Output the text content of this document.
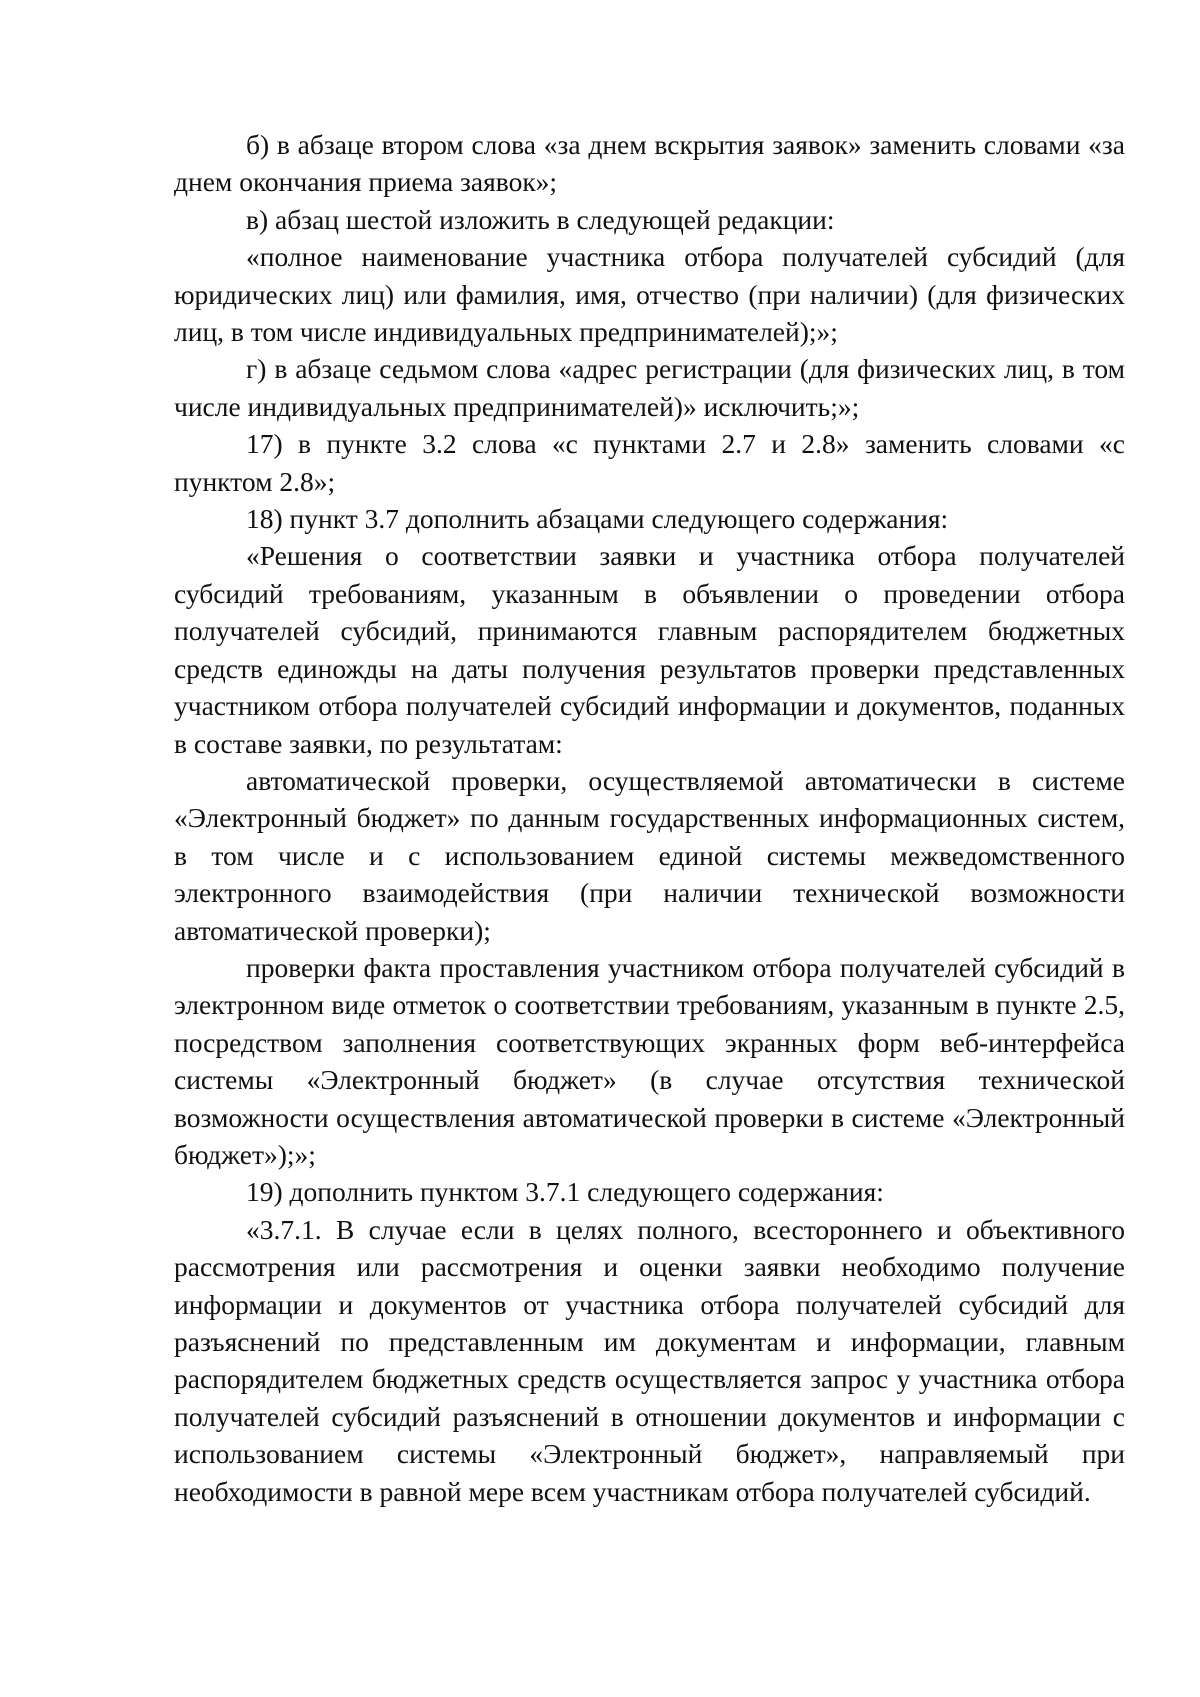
б) в абзаце втором слова «за днем вскрытия заявок» заменить словами «за днем окончания приема заявок»;

в) абзац шестой изложить в следующей редакции:

«полное наименование участника отбора получателей субсидий (для юридических лиц) или фамилия, имя, отчество (при наличии) (для физических лиц, в том числе индивидуальных предпринимателей);»;

г) в абзаце седьмом слова «адрес регистрации (для физических лиц, в том числе индивидуальных предпринимателей)» исключить;»;

17) в пункте 3.2 слова «с пунктами 2.7 и 2.8» заменить словами «с пунктом 2.8»;

18) пункт 3.7 дополнить абзацами следующего содержания:

«Решения о соответствии заявки и участника отбора получателей субсидий требованиям, указанным в объявлении о проведении отбора получателей субсидий, принимаются главным распорядителем бюджетных средств единожды на даты получения результатов проверки представленных участником отбора получателей субсидий информации и документов, поданных в составе заявки, по результатам:

автоматической проверки, осуществляемой автоматически в системе «Электронный бюджет» по данным государственных информационных систем, в том числе и с использованием единой системы межведомственного электронного взаимодействия (при наличии технической возможности автоматической проверки);

проверки факта проставления участником отбора получателей субсидий в электронном виде отметок о соответствии требованиям, указанным в пункте 2.5, посредством заполнения соответствующих экранных форм веб-интерфейса системы «Электронный бюджет» (в случае отсутствия технической возможности осуществления автоматической проверки в системе «Электронный бюджет»);»;

19) дополнить пунктом 3.7.1 следующего содержания:

«3.7.1. В случае если в целях полного, всестороннего и объективного рассмотрения или рассмотрения и оценки заявки необходимо получение информации и документов от участника отбора получателей субсидий для разъяснений по представленным им документам и информации, главным распорядителем бюджетных средств осуществляется запрос у участника отбора получателей субсидий разъяснений в отношении документов и информации с использованием системы «Электронный бюджет», направляемый при необходимости в равной мере всем участникам отбора получателей субсидий.
